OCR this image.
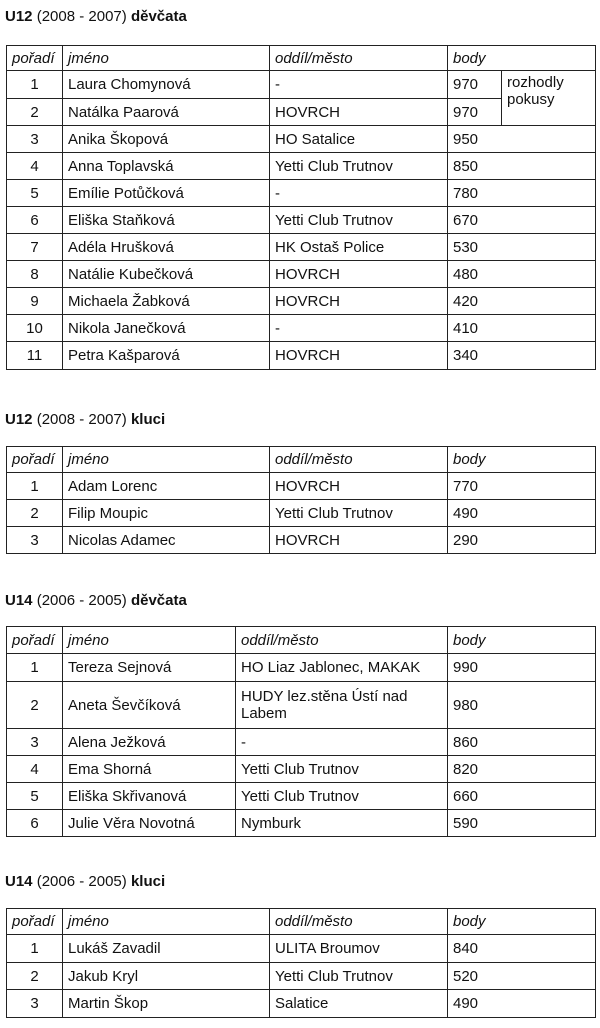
U12 (2008 - 2007) děvčata
pořadí	jméno	oddíl/město	body	
1	Laura Chomynová	-	970	rozhodly pokusy
2	Natálka Paarová	HOVRCH	970	
3	Anika Škopová	HO Satalice	950	
4	Anna Toplavská	Yetti Club Trutnov	850	
5	Emílie Potůčková	-	780	
6	Eliška Staňková	Yetti Club Trutnov	670	
7	Adéla Hrušková	HK Ostaš Police	530	
8	Natálie Kubečková	HOVRCH	480	
9	Michaela Žabková	HOVRCH	420	
10	Nikola Janečková	-	410	
11	Petra Kašparová	HOVRCH	340	
U12 (2008 - 2007) kluci
pořadí	jméno	oddíl/město	body
1	Adam Lorenc	HOVRCH	770
2	Filip Moupic	Yetti Club Trutnov	490
3	Nicolas Adamec	HOVRCH	290
U14 (2006 - 2005) děvčata
pořadí	jméno	oddíl/město	body
1	Tereza Sejnová	HO Liaz Jablonec, MAKAK	990
2	Aneta Ševčíková	HUDY lez.stěna Ústí nad Labem	980
3	Alena Ježková	-	860
4	Ema Shorná	Yetti Club Trutnov	820
5	Eliška Skřivanová	Yetti Club Trutnov	660
6	Julie Věra Novotná	Nymburk	590
U14 (2006 - 2005) kluci
pořadí	jméno	oddíl/město	body
1	Lukáš Zavadil	ULITA Broumov	840
2	Jakub Kryl	Yetti Club Trutnov	520
3	Martin Škop	Salatice	490
